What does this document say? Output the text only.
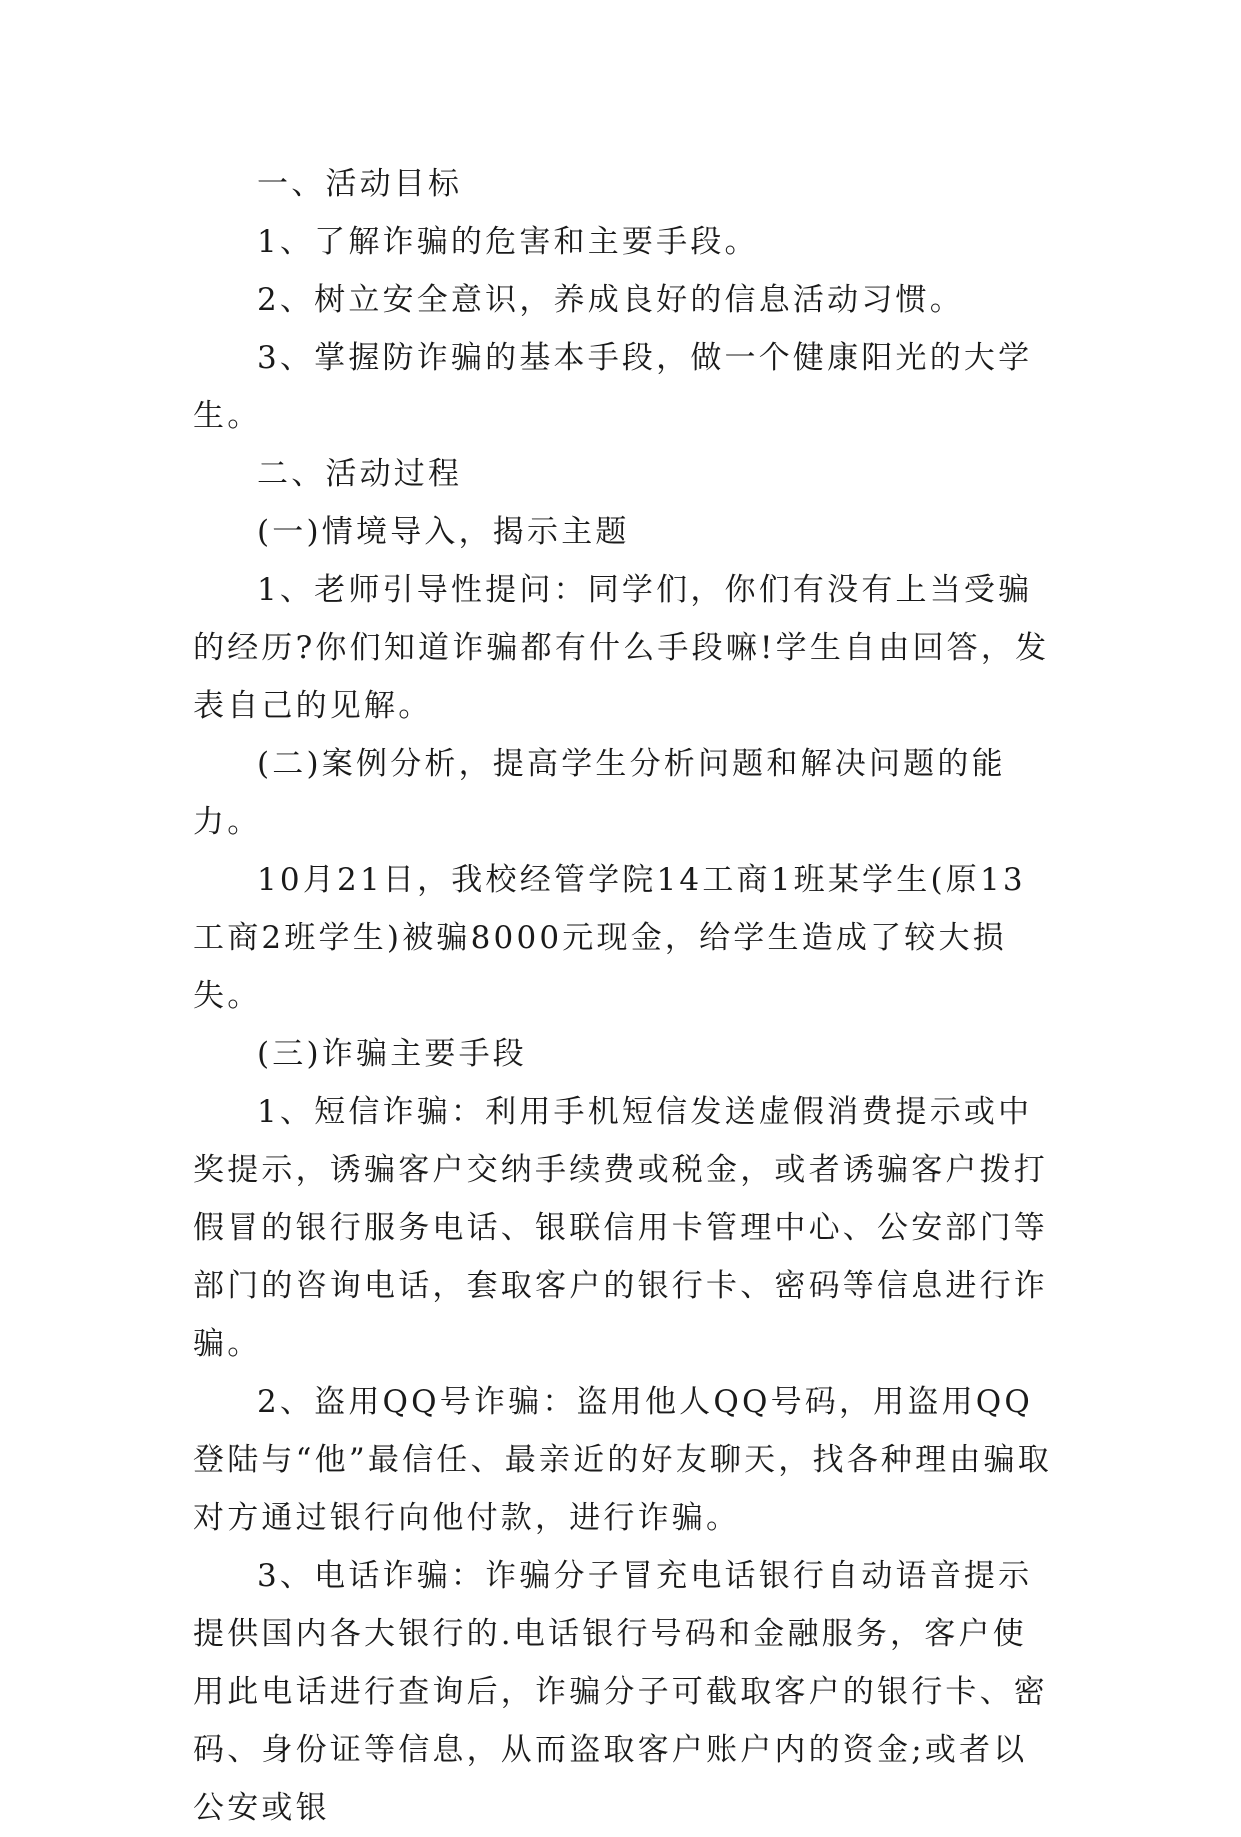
一、活动目标

1、了解诈骗的危害和主要手段。

2、树立安全意识，养成良好的信息活动习惯。

3、掌握防诈骗的基本手段，做一个健康阳光的大学生。

二、活动过程

(一)情境导入，揭示主题

1、老师引导性提问：同学们，你们有没有上当受骗的经历?你们知道诈骗都有什么手段嘛!学生自由回答，发表自己的见解。

(二)案例分析，提高学生分析问题和解决问题的能力。

10月21日，我校经管学院14工商1班某学生(原13工商2班学生)被骗8000元现金，给学生造成了较大损失。

(三)诈骗主要手段

1、短信诈骗：利用手机短信发送虚假消费提示或中奖提示，诱骗客户交纳手续费或税金，或者诱骗客户拨打假冒的银行服务电话、银联信用卡管理中心、公安部门等部门的咨询电话，套取客户的银行卡、密码等信息进行诈骗。

2、盗用QQ号诈骗：盗用他人QQ号码，用盗用QQ登陆与“他”最信任、最亲近的好友聊天，找各种理由骗取对方通过银行向他付款，进行诈骗。

3、电话诈骗：诈骗分子冒充电话银行自动语音提示提供国内各大银行的.电话银行号码和金融服务，客户使用此电话进行查询后，诈骗分子可截取客户的银行卡、密码、身份证等信息，从而盗取客户账户内的资金;或者以公安或银
